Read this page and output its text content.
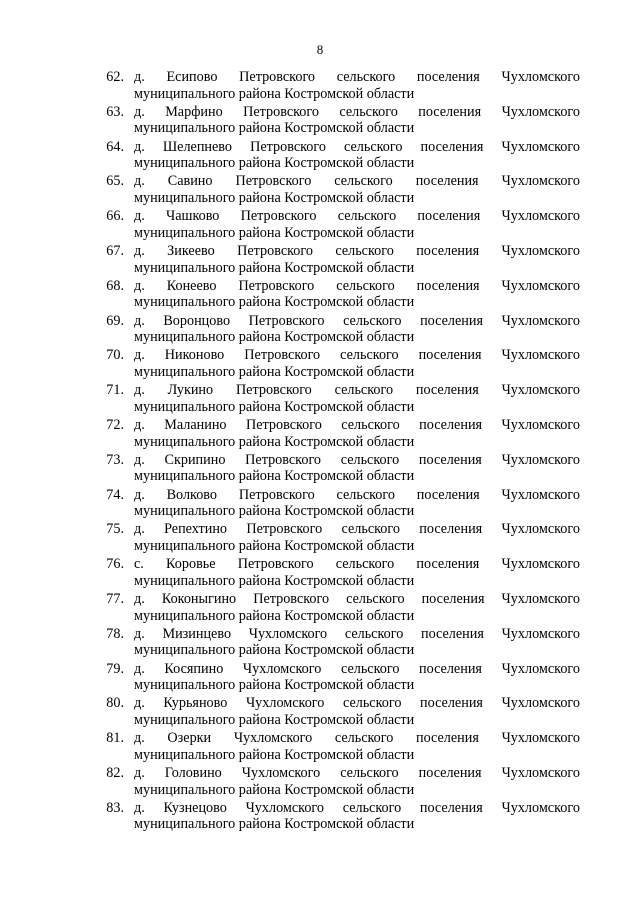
8
62. д. Есипово Петровского сельского поселения Чухломского
муниципального района Костромской области
63. д. Марфино Петровского сельского поселения Чухломского
муниципального района Костромской области
64. д. Шелепнево Петровского сельского поселения Чухломского
муниципального района Костромской области
65. д. Савино Петровского сельского поселения Чухломского
муниципального района Костромской области
66. д. Чашково Петровского сельского поселения Чухломского
муниципального района Костромской области
67. д. Зикеево Петровского сельского поселения Чухломского
муниципального района Костромской области
68. д. Конеево Петровского сельского поселения Чухломского
муниципального района Костромской области
69. д. Воронцово Петровского сельского поселения Чухломского
муниципального района Костромской области
70. д. Никоново Петровского сельского поселения Чухломского
муниципального района Костромской области
71. д. Лукино Петровского сельского поселения Чухломского
муниципального района Костромской области
72. д. Маланино Петровского сельского поселения Чухломского
муниципального района Костромской области
73. д. Скрипино Петровского сельского поселения Чухломского
муниципального района Костромской области
74. д. Волково Петровского сельского поселения Чухломского
муниципального района Костромской области
75. д. Репехтино Петровского сельского поселения Чухломского
муниципального района Костромской области
76. с. Коровье Петровского сельского поселения Чухломского
муниципального района Костромской области
77. д. Коконыгино Петровского сельского поселения Чухломского
муниципального района Костромской области
78. д. Мизинцево Чухломского сельского поселения Чухломского
муниципального района Костромской области
79. д. Косяпино Чухломского сельского поселения Чухломского
муниципального района Костромской области
80. д. Курьяново Чухломского сельского поселения Чухломского
муниципального района Костромской области
81. д. Озерки Чухломского сельского поселения Чухломского
муниципального района Костромской области
82. д. Головино Чухломского сельского поселения Чухломского
муниципального района Костромской области
83. д. Кузнецово Чухломского сельского поселения Чухломского
муниципального района Костромской области
